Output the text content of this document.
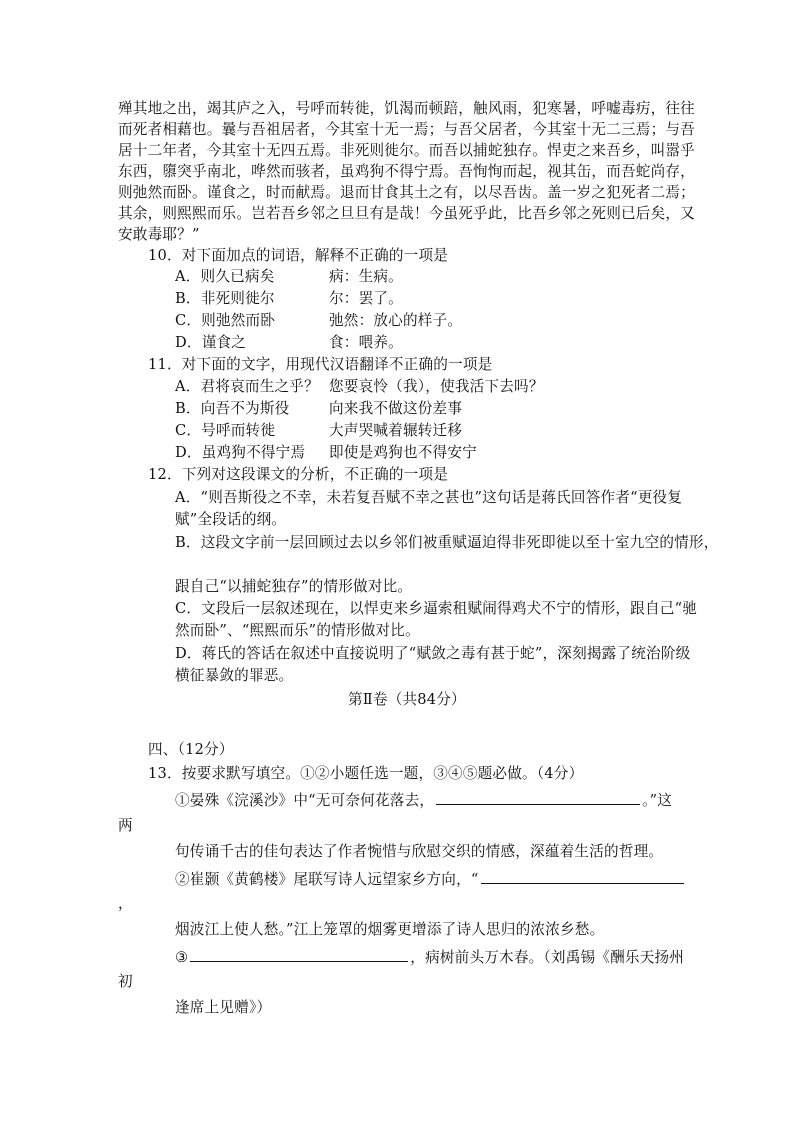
殚其地之出，竭其庐之入，号呼而转徙，饥渴而顿踣，触风雨，犯寒暑，呼嘘毒疠，往往
而死者相藉也。曩与吾祖居者，今其室十无一焉；与吾父居者，今其室十无二三焉；与吾
居十二年者，今其室十无四五焉。非死则徙尔。而吾以捕蛇独存。悍吏之来吾乡，叫嚣乎
东西，隳突乎南北，哗然而骇者，虽鸡狗不得宁焉。吾恂恂而起，视其缶，而吾蛇尚存，
则弛然而卧。谨食之，时而献焉。退而甘食其土之有，以尽吾齿。盖一岁之犯死者二焉；
其余，则熙熙而乐。岂若吾乡邻之旦旦有是哉！今虽死乎此，比吾乡邻之死则已后矣，又
安敢毒耶？”
10．对下面加点的词语，解释不正确的一项是
A．则久已病矣	病：生病。
B．非死则徙尔	尔：罢了。
C．则弛然而卧	弛然：放心的样子。
D．谨食之	食：喂养。
11．对下面的文字，用现代汉语翻译不正确的一项是
A．君将哀而生之乎？ 您要哀怜（我），使我活下去吗？
B．向吾不为斯役	向来我不做这份差事
C．号呼而转徙	大声哭喊着辗转迁移
D．虽鸡狗不得宁焉 即使是鸡狗也不得安宁
12．下列对这段课文的分析，不正确的一项是
A．“则吾斯役之不幸，未若复吾赋不幸之甚也”这句话是蒋氏回答作者“更役复
赋”全段话的纲。
B．这段文字前一层回顾过去以乡邻们被重赋逼迫得非死即徙以至十室九空的情形，
跟自己“以捕蛇独存”的情形做对比。
C．文段后一层叙述现在，以悍吏来乡逼索租赋闹得鸡犬不宁的情形，跟自己“驰
然而卧”、“熙熙而乐”的情形做对比。
D．蒋氏的答话在叙述中直接说明了“赋敛之毒有甚于蛇”，深刻揭露了统治阶级
横征暴敛的罪恶。
第Ⅱ卷（共84分）
四、（12分）
13．按要求默写填空。①②小题任选一题，③④⑤题必做。（4分）
①晏殊《浣溪沙》中“无可奈何花落去，	。”这
两
句传诵千古的佳句表达了作者惋惜与欣慰交织的情感，深蕴着生活的哲理。
②崔颢《黄鹤楼》尾联写诗人远望家乡方向，“
，
烟波江上使人愁。”江上笼罩的烟雾更增添了诗人思归的浓浓乡愁。
③	，病树前头万木春。（刘禹锡《酬乐天扬州
初
逢席上见赠》）
